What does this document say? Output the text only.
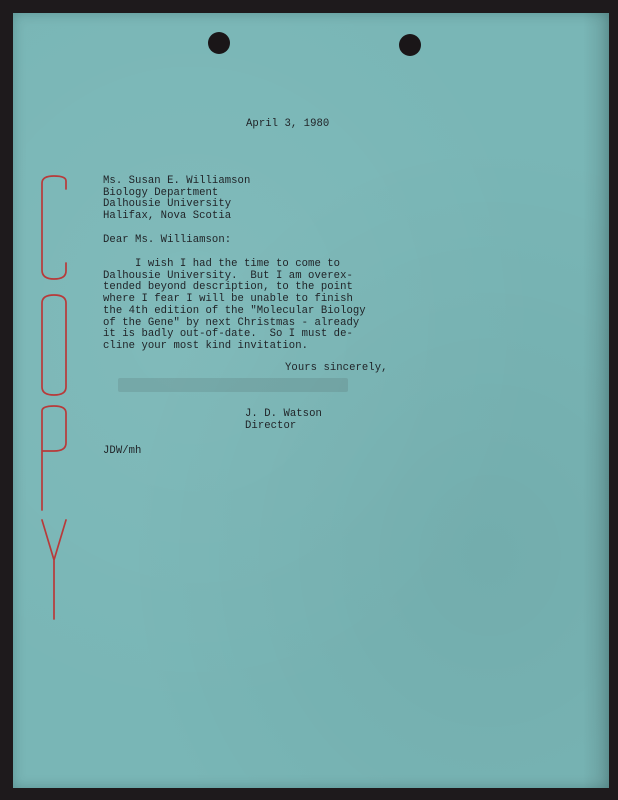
April 3, 1980
Ms. Susan E. Williamson
Biology Department
Dalhousie University
Halifax, Nova Scotia
Dear Ms. Williamson:
I wish I had the time to come to
Dalhousie University.  But I am overex-
tended beyond description, to the point
where I fear I will be unable to finish
the 4th edition of the "Molecular Biology
of the Gene" by next Christmas - already
it is badly out-of-date.  So I must de-
cline your most kind invitation.
Yours sincerely,
J. D. Watson
Director
JDW/mh
